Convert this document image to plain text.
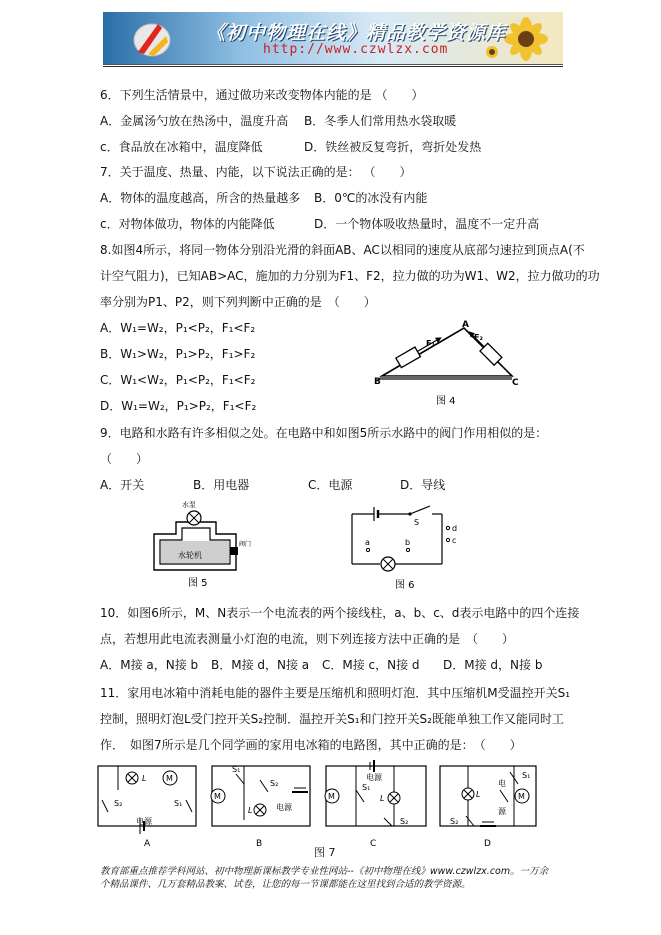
《初中物理在线》精品教学资源库
http://www.czwlzx.com
6．下列生活情景中，通过做功来改变物体内能的是 （　　）
A．金属汤勺放在热汤中，温度升高 B．冬季人们常用热水袋取暖
c．食品放在冰箱中，温度降低	D．铁丝被反复弯折，弯折处发热
7．关于温度、热量、内能，以下说法正确的是： （　　）
A．物体的温度越高，所含的热量越多 B．0℃的冰没有内能
c．对物体做功，物体的内能降低	D．一个物体吸收热量时，温度不一定升高
8.如图4所示，将同一物体分别沿光滑的斜面AB、AC以相同的速度从底部匀速拉到顶点A(不
计空气阻力)，已知AB>AC，施加的力分别为F1、F2，拉力做的功为W1、W2，拉力做功的功
率分别为P1、P2，则下列判断中正确的是　（　　）
A．W₁=W₂，P₁<P₂，F₁<F₂
B．W₁>W₂，P₁>P₂，F₁>F₂
C．W₁<W₂，P₁<P₂，F₁<F₂
D．W₁=W₂，P₁>P₂，F₁<F₂
A
B	C
F₁
F₂
图 4
9．电路和水路有许多相似之处。在电路中和如图5所示水路中的阀门作用相似的是：
（　　）
A．开关	B．用电器	C．电源	D．导线
水泵
水轮机
阀门
图 5
S
a	b
d
c
图 6
10．如图6所示，M、N表示一个电流表的两个接线柱，a、b、c、d表示电路中的四个连接
点，若想用此电流表测量小灯泡的电流，则下列连接方法中正确的是　（　　）
A．M接 a，N接 b B．M接 d，N接 a C．M接 c，N接 d D．M接 d，N接 b
11．家用电冰箱中消耗电能的器件主要是压缩机和照明灯泡．其中压缩机M受温控开关S₁
控制，照明灯泡L受门控开关S₂控制．温控开关S₁和门控开关S₂既能单独工作又能同时工
作．　如图7所示是几个同学画的家用电冰箱的电路图，其中正确的是：　（　　）
L M
S₂	S₁
电源
A
M
S₁
S₂
L	电源
B
电源
M
S₁
L
S₂
C
S₁
L
电
源
M
S₂
D
图 7
教育部重点推荐学科网站、初中物理新课标教学专业性网站--《初中物理在线》www.czwlzx.com。一万余
个精品课件、几万套精品教案、试卷，让您的每一节课都能在这里找到合适的教学资源。
